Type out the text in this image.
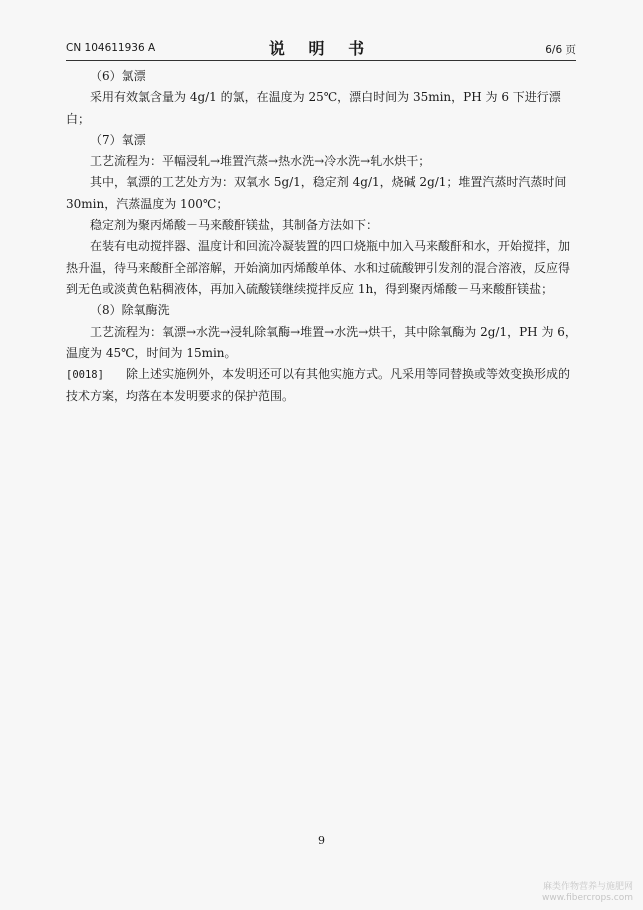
CN 104611936 A	说 明 书	6/6 页

（6）氯漂

采用有效氯含量为 4g/1 的氯，在温度为 25℃，漂白时间为 35min，PH 为 6 下进行漂白；

（7）氧漂

工艺流程为：平幅浸轧→堆置汽蒸→热水洗→冷水洗→轧水烘干；

其中，氧漂的工艺处方为：双氧水 5g/1，稳定剂 4g/1，烧碱 2g/1；堆置汽蒸时汽蒸时间 30min，汽蒸温度为 100℃；

稳定剂为聚丙烯酸－马来酸酐镁盐，其制备方法如下：

在装有电动搅拌器、温度计和回流冷凝装置的四口烧瓶中加入马来酸酐和水，开始搅拌，加热升温，待马来酸酐全部溶解，开始滴加丙烯酸单体、水和过硫酸钾引发剂的混合溶液，反应得到无色或淡黄色粘稠液体，再加入硫酸镁继续搅拌反应 1h，得到聚丙烯酸－马来酸酐镁盐；

（8）除氧酶洗

工艺流程为：氧漂→水洗→浸轧除氧酶→堆置→水洗→烘干，其中除氧酶为 2g/1，PH 为 6，温度为 45℃，时间为 15min。

[0018] 除上述实施例外，本发明还可以有其他实施方式。凡采用等同替换或等效变换形成的技术方案，均落在本发明要求的保护范围。

9
麻类作物营养与施肥网
www.fibercrops.com
